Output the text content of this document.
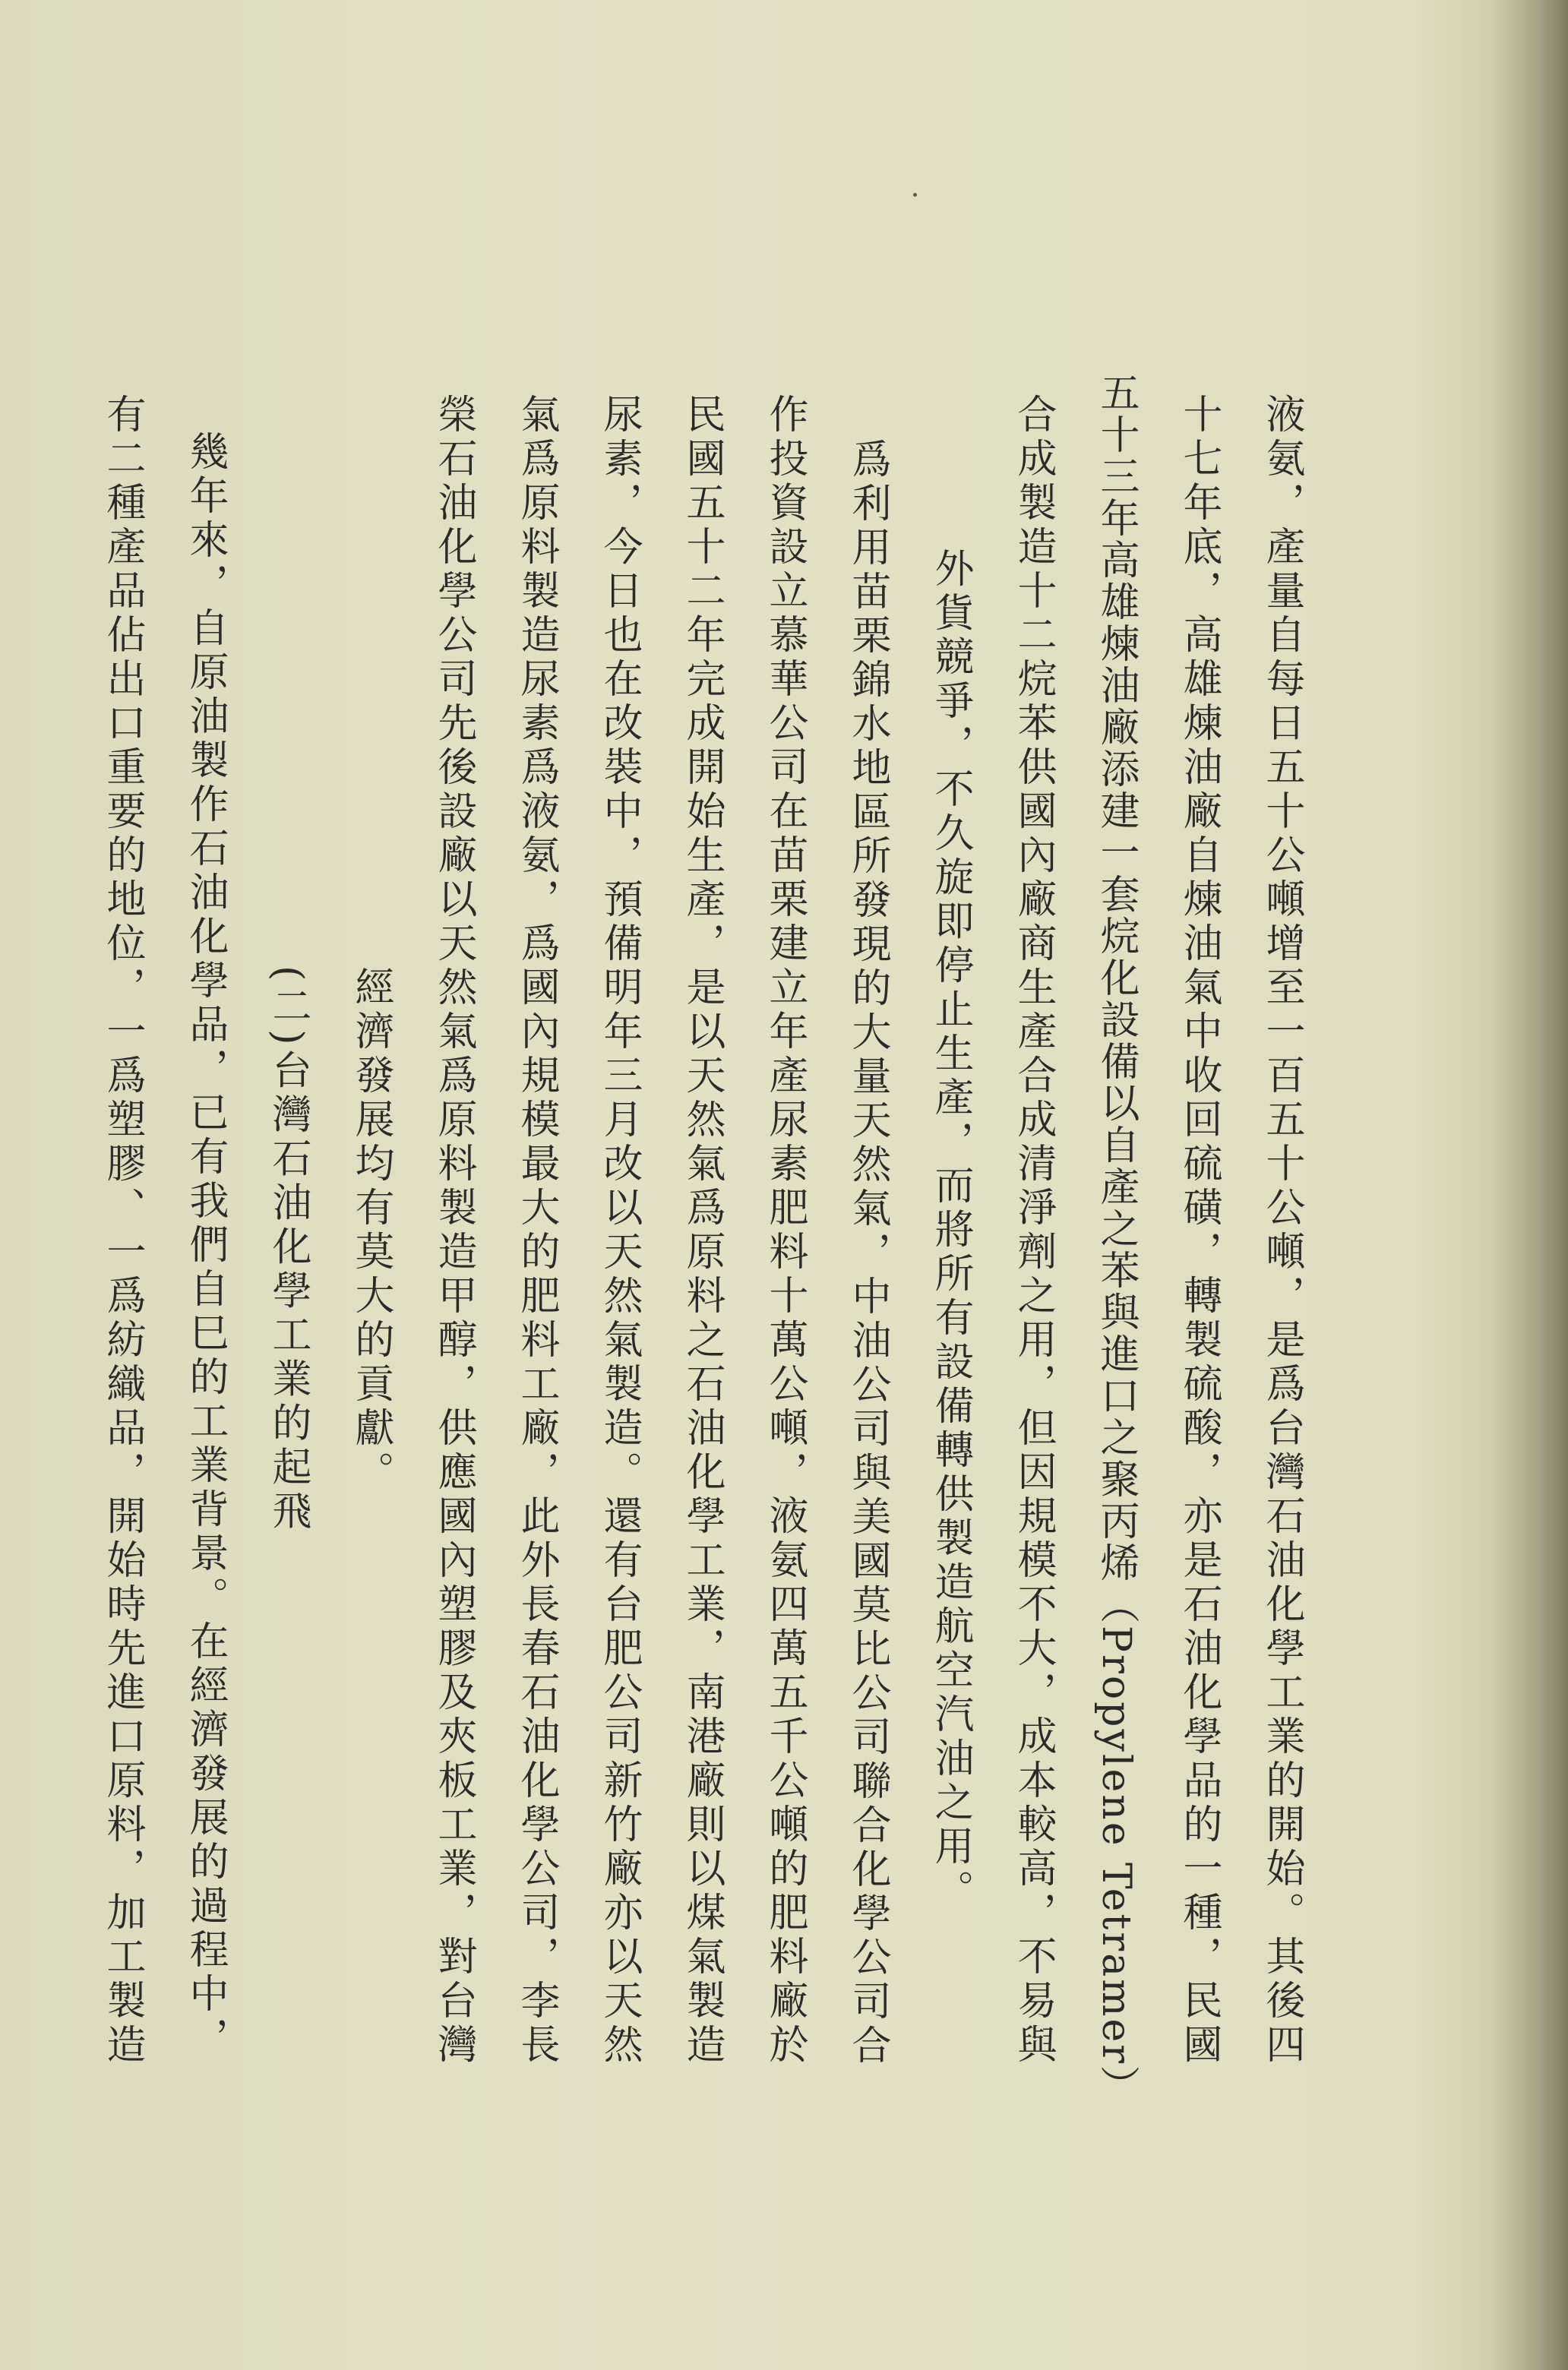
液氨，產量自每日五十公噸增至一百五十公噸，是爲台灣石油化學工業的開始。其後四
十七年底，高雄煉油廠自煉油氣中收回硫磺，轉製硫酸，亦是石油化學品的一種，民國
五十三年高雄煉油廠添建一套烷化設備以自產之苯與進口之聚丙烯（Propylene Tetramer）
合成製造十二烷苯供國內廠商生產合成清淨劑之用，但因規模不大，成本較高，不易與
外貨競爭，不久旋即停止生產，而將所有設備轉供製造航空汽油之用。
爲利用苗栗錦水地區所發現的大量天然氣，中油公司與美國莫比公司聯合化學公司合
作投資設立慕華公司在苗栗建立年產尿素肥料十萬公噸，液氨四萬五千公噸的肥料廠於
民國五十二年完成開始生產，是以天然氣爲原料之石油化學工業，南港廠則以煤氣製造
尿素，今日也在改裝中，預備明年三月改以天然氣製造。還有台肥公司新竹廠亦以天然
氣爲原料製造尿素爲液氨，爲國內規模最大的肥料工廠，此外長春石油化學公司，李長
榮石油化學公司先後設廠以天然氣爲原料製造甲醇，供應國內塑膠及夾板工業，對台灣
經濟發展均有莫大的貢獻。
(二)台灣石油化學工業的起飛
幾年來，自原油製作石油化學品，已有我們自巳的工業背景。在經濟發展的過程中，
有二種產品佔出口重要的地位，一爲塑膠、一爲紡織品，開始時先進口原料，加工製造
